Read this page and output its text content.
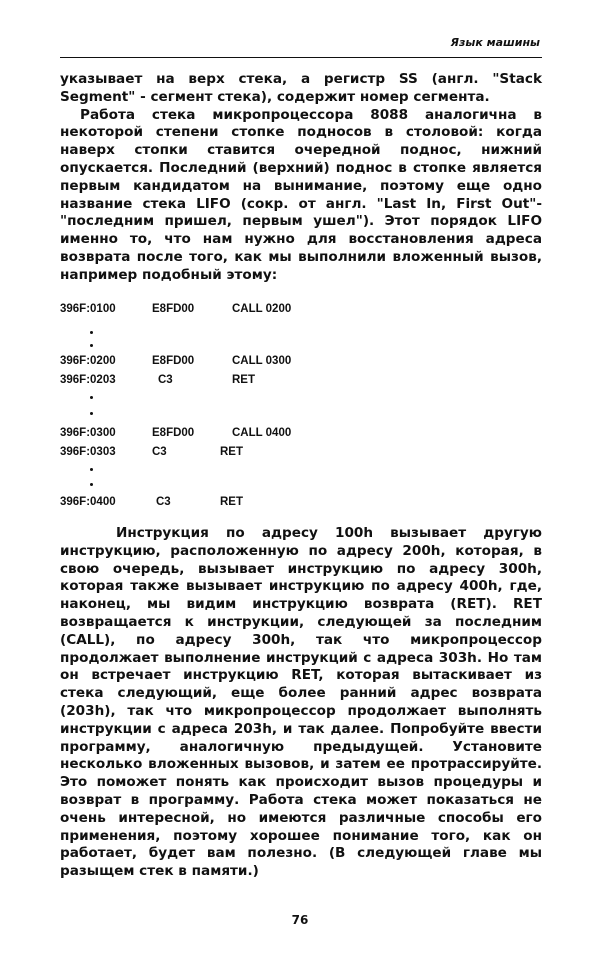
Язык машины

указывает на верх стека, а регистр SS (англ. "Stack Segment" - сегмент стека), содержит номер сегмента.

Работа стека микропроцессора 8088 аналогична в некоторой степени стопке подносов в столовой: когда наверх стопки ставится очередной поднос, нижний опускается. Последний (верхний) поднос в стопке является первым кандидатом на вынимание, поэтому еще одно название стека LIFO (сокр. от англ. "Last In, First Out"-"последним пришел, первым ушел"). Этот порядок LIFO именно то, что нам нужно для восстановления адреса возврата после того, как мы выполнили вложенный вызов, например подобный этому:

396F:0100	E8FD00	CALL 0200
396F:0200	E8FD00	CALL 0300
396F:0203	C3	RET
396F:0300	E8FD00	CALL 0400
396F:0303	C3	RET
396F:0400	C3	RET

Инструкция по адресу 100h вызывает другую инструкцию, расположенную по адресу 200h, которая, в свою очередь, вызывает инструкцию по адресу 300h, которая также вызывает инструкцию по адресу 400h, где, наконец, мы видим инструкцию возврата (RET). RET возвращается к инструкции, следующей за последним (CALL), по адресу 300h, так что микропроцессор продолжает выполнение инструкций с адреса 303h. Но там он встречает инструкцию RET, которая вытаскивает из стека следующий, еще более ранний адрес возврата (203h), так что микропроцессор продолжает выполнять инструкции с адреса 203h, и так далее. Попробуйте ввести программу, аналогичную предыдущей. Установите несколько вложенных вызовов, и затем ее протрассируйте. Это поможет понять как происходит вызов процедуры и возврат в программу. Работа стека может показаться не очень интересной, но имеются различные способы его применения, поэтому хорошее понимание того, как он работает, будет вам полезно. (В следующей главе мы разыщем стек в памяти.)

76
